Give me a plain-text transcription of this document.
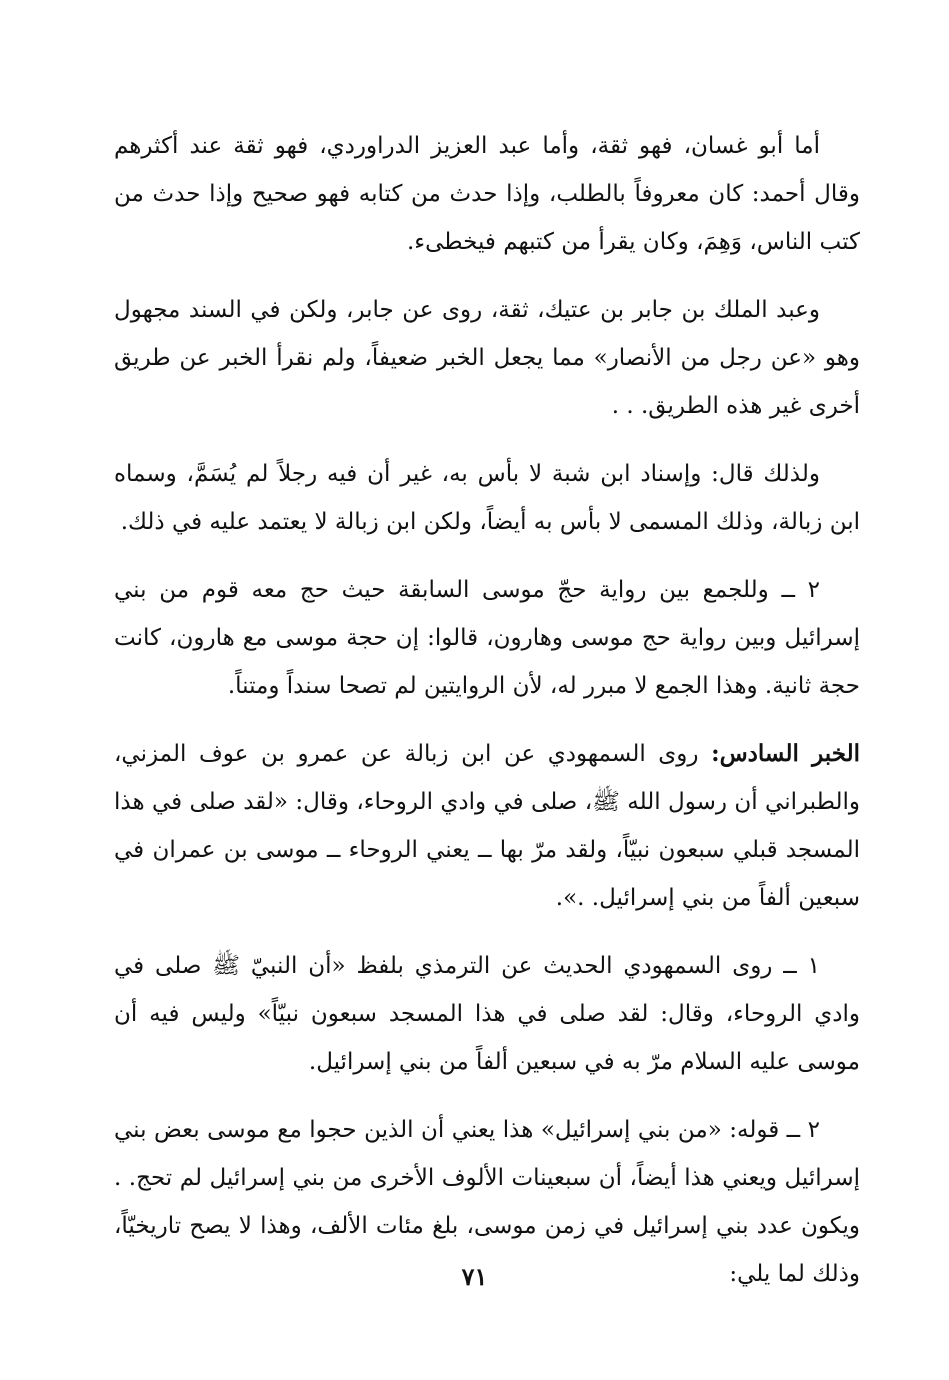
أما أبو غسان، فهو ثقة، وأما عبد العزيز الدراوردي، فهو ثقة عند أكثرهم وقال أحمد: كان معروفاً بالطلب، وإذا حدث من كتابه فهو صحيح وإذا حدث من كتب الناس، وَهِمَ، وكان يقرأ من كتبهم فيخطىء.

وعبد الملك بن جابر بن عتيك، ثقة، روى عن جابر، ولكن في السند مجهول وهو «عن رجل من الأنصار» مما يجعل الخبر ضعيفاً، ولم نقرأ الخبر عن طريق أخرى غير هذه الطريق. . .

ولذلك قال: وإسناد ابن شبة لا بأس به، غير أن فيه رجلاً لم يُسَمَّ، وسماه ابن زبالة، وذلك المسمى لا بأس به أيضاً، ولكن ابن زبالة لا يعتمد عليه في ذلك.

٢ ــ وللجمع بين رواية حجّ موسى السابقة حيث حج معه قوم من بني إسرائيل وبين رواية حج موسى وهارون، قالوا: إن حجة موسى مع هارون، كانت حجة ثانية. وهذا الجمع لا مبرر له، لأن الروايتين لم تصحا سنداً ومتناً.

الخبر السادس: روى السمهودي عن ابن زبالة عن عمرو بن عوف المزني، والطبراني أن رسول الله ﷺ، صلى في وادي الروحاء، وقال: «لقد صلى في هذا المسجد قبلي سبعون نبيّاً، ولقد مرّ بها ــ يعني الروحاء ــ موسى بن عمران في سبعين ألفاً من بني إسرائيل. .».

١ ــ روى السمهودي الحديث عن الترمذي بلفظ «أن النبيّ ﷺ صلى في وادي الروحاء، وقال: لقد صلى في هذا المسجد سبعون نبيّاً» وليس فيه أن موسى عليه السلام مرّ به في سبعين ألفاً من بني إسرائيل.

٢ ــ قوله: «من بني إسرائيل» هذا يعني أن الذين حجوا مع موسى بعض بني إسرائيل ويعني هذا أيضاً، أن سبعينات الألوف الأخرى من بني إسرائيل لم تحج. . ويكون عدد بني إسرائيل في زمن موسى، بلغ مئات الألف، وهذا لا يصح تاريخيّاً، وذلك لما يلي:

٧١
